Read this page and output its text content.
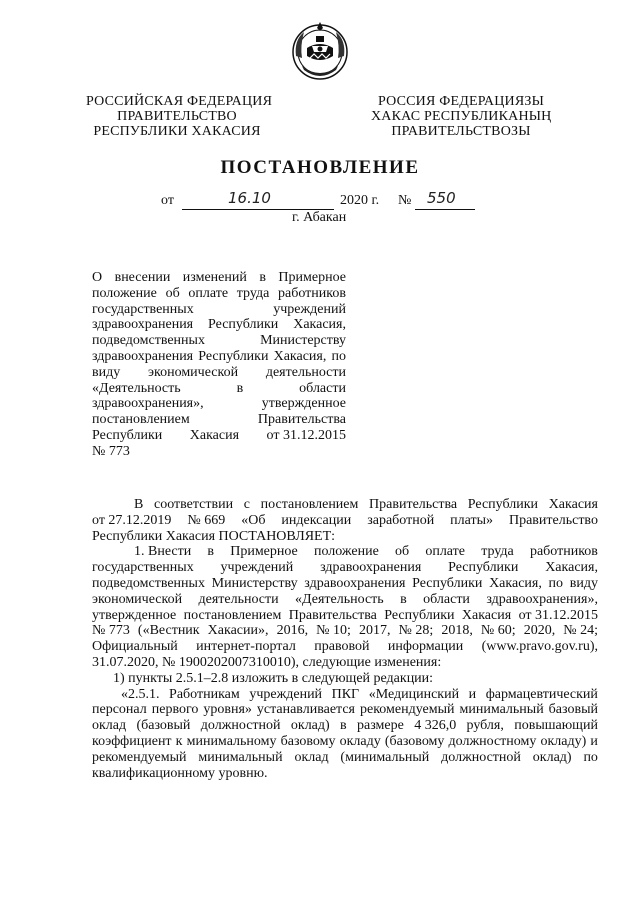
РОССИЙСКАЯ ФЕДЕРАЦИЯ
ПРАВИТЕЛЬСТВО
РЕСПУБЛИКИ ХАКАСИЯ
РОССИЯ ФЕДЕРАЦИЯЗЫ
ХАКАС РЕСПУБЛИКАНЫҢ
ПРАВИТЕЛЬСТВОЗЫ
ПОСТАНОВЛЕНИЕ
от	16.10	2020 г. № 550
г. Абакан
О внесении изменений в Примерное
положение об оплате труда работников
государственных	учреждений
здравоохранения Республики Хакасия,
подведомственных	Министерству
здравоохранения Республики Хакасия, по
виду экономической деятельности
«Деятельность	в	области
здравоохранения»,	утвержденное
постановлением	Правительства
Республики Хакасия от 31.12.2015
№ 773
В соответствии с постановлением Правительства Республики Хакасия
от 27.12.2019 № 669 «Об индексации заработной платы» Правительство
Республики Хакасия ПОСТАНОВЛЯЕТ:
1. Внести в Примерное положение об оплате труда работников
государственных учреждений здравоохранения Республики Хакасия,
подведомственных Министерству здравоохранения Республики Хакасия, по виду
экономической деятельности «Деятельность в области здравоохранения»,
утвержденное постановлением Правительства Республики Хакасия от 31.12.2015
№ 773 («Вестник Хакасии», 2016, № 10; 2017, № 28; 2018, № 60; 2020, № 24;
Официальный интернет-портал правовой информации (www.pravo.gov.ru),
31.07.2020, № 1900202007310010), следующие изменения:
1) пункты 2.5.1–2.8 изложить в следующей редакции:
«2.5.1. Работникам учреждений ПКГ «Медицинский и фармацевтический
персонал первого уровня» устанавливается рекомендуемый минимальный базовый
оклад (базовый должностной оклад) в размере 4 326,0 рубля, повышающий
коэффициент к минимальному базовому окладу (базовому должностному окладу) и
рекомендуемый минимальный оклад (минимальный должностной оклад) по
квалификационному уровню.
